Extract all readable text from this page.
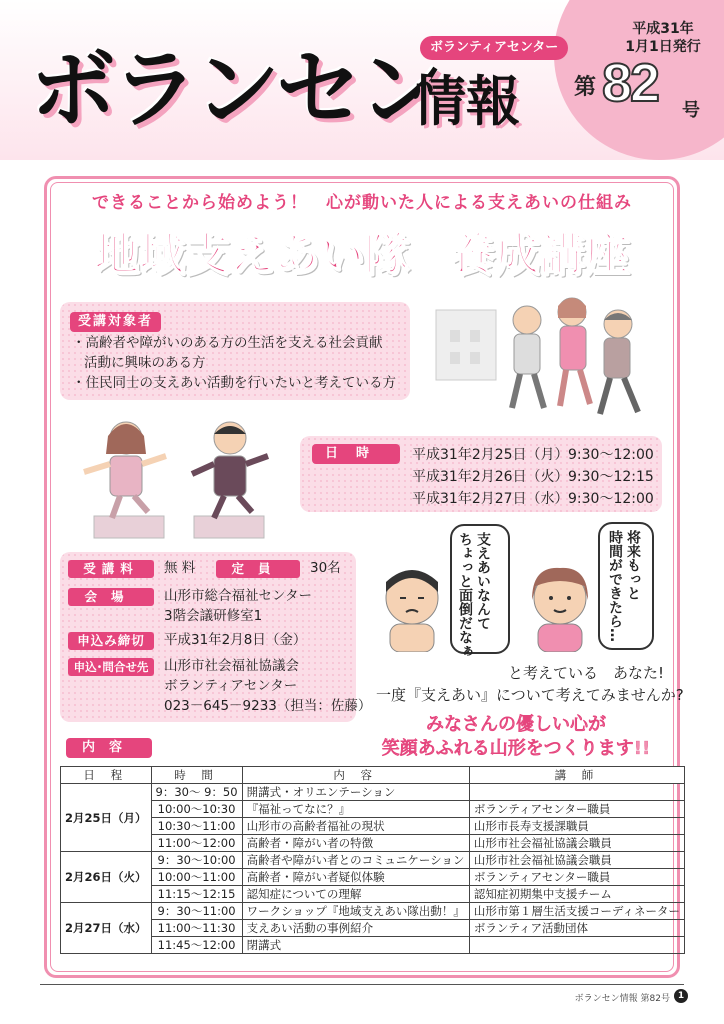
平成31年
1月1日発行
第 82 号
ボランティアセンター
ボランセン
情報
できることから始めよう！　心が動いた人による支えあいの仕組み
地域支えあい隊 養成講座
受講対象者
・高齢者や障がいのある方の生活を支える社会貢献
活動に興味のある方
・住民同士の支えあい活動を行いたいと考えている方
日時	平成31年2月25日（月） 9:30～12:00
平成31年2月26日（火） 9:30～12:15
平成31年2月27日（水） 9:30～12:00
受講料	無 料	定員	30名
会場	山形市総合福祉センター
3階会議研修室1
申込み締切	平成31年2月8日（金）
申込･問合せ先	山形市社会福祉協議会
ボランティアセンター
023－645－9233（担当：佐藤）
支えあいなんて
ちょっと面倒だなぁ	将来もっと
時間ができたら…
と考えている　あなた!
一度『支えあい』について考えてみませんか?
みなさんの優しい心が
笑顔あふれる山形をつくります!!
内容
日 程	時 間	内 容	講 師
2月25日（月）	9：30～ 9：50	開講式・オリエンテーション	
	10:00～10:30	『福祉ってなに？』	ボランティアセンター職員
	10:30～11:00	山形市の高齢者福祉の現状	山形市長寿支援課職員
	11:00～12:00	高齢者・障がい者の特徴	山形市社会福祉協議会職員
2月26日（火）	9：30～10:00	高齢者や障がい者とのコミュニケーション	山形市社会福祉協議会職員
	10:00～11:00	高齢者・障がい者疑似体験	ボランティアセンター職員
	11:15～12:15	認知症についての理解	認知症初期集中支援チーム
2月27日（水）	9：30～11:00	ワークショップ『地域支えあい隊出動！』	山形市第１層生活支援コーディネーター
	11:00～11:30	支えあい活動の事例紹介	ボランティア活動団体
	11:45～12:00	閉講式	
ボランセン情報 第82号 1
